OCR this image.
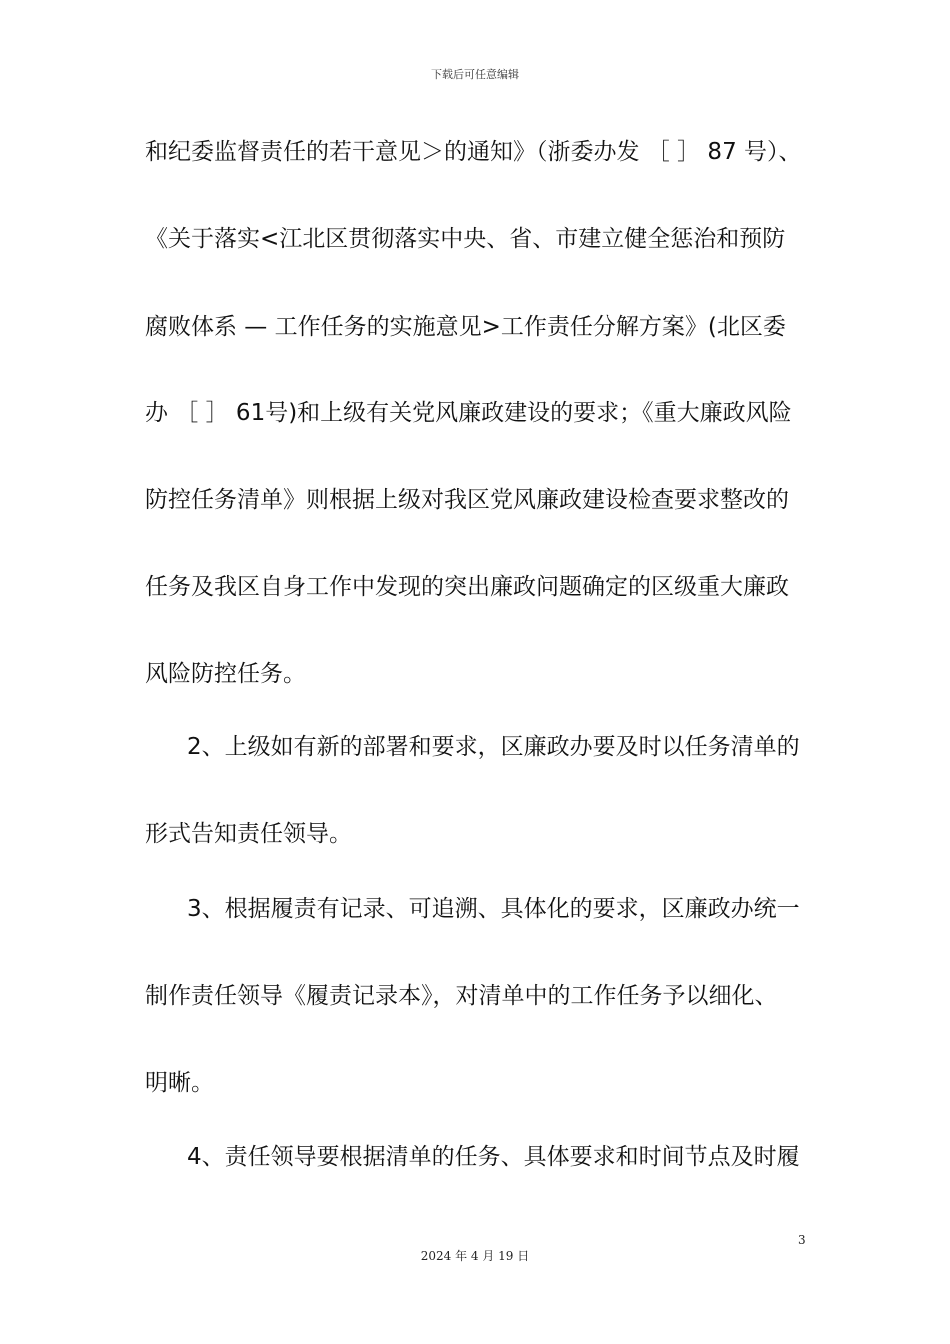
下载后可任意编辑
和纪委监督责任的若干意见＞的通知》（浙委办发 ［ ］ 87 号）、
《关于落实<江北区贯彻落实中央、省、市建立健全惩治和预防
腐败体系 — 工作任务的实施意见>工作责任分解方案》(北区委
办 ［ ］ 61号)和上级有关党风廉政建设的要求；《重大廉政风险
防控任务清单》则根据上级对我区党风廉政建设检查要求整改的
任务及我区自身工作中发现的突出廉政问题确定的区级重大廉政
风险防控任务。
2、上级如有新的部署和要求，区廉政办要及时以任务清单的
形式告知责任领导。
3、根据履责有记录、可追溯、具体化的要求，区廉政办统一
制作责任领导《履责记录本》，对清单中的工作任务予以细化、
明晰。
4、责任领导要根据清单的任务、具体要求和时间节点及时履
3
2024 年 4 月 19 日
